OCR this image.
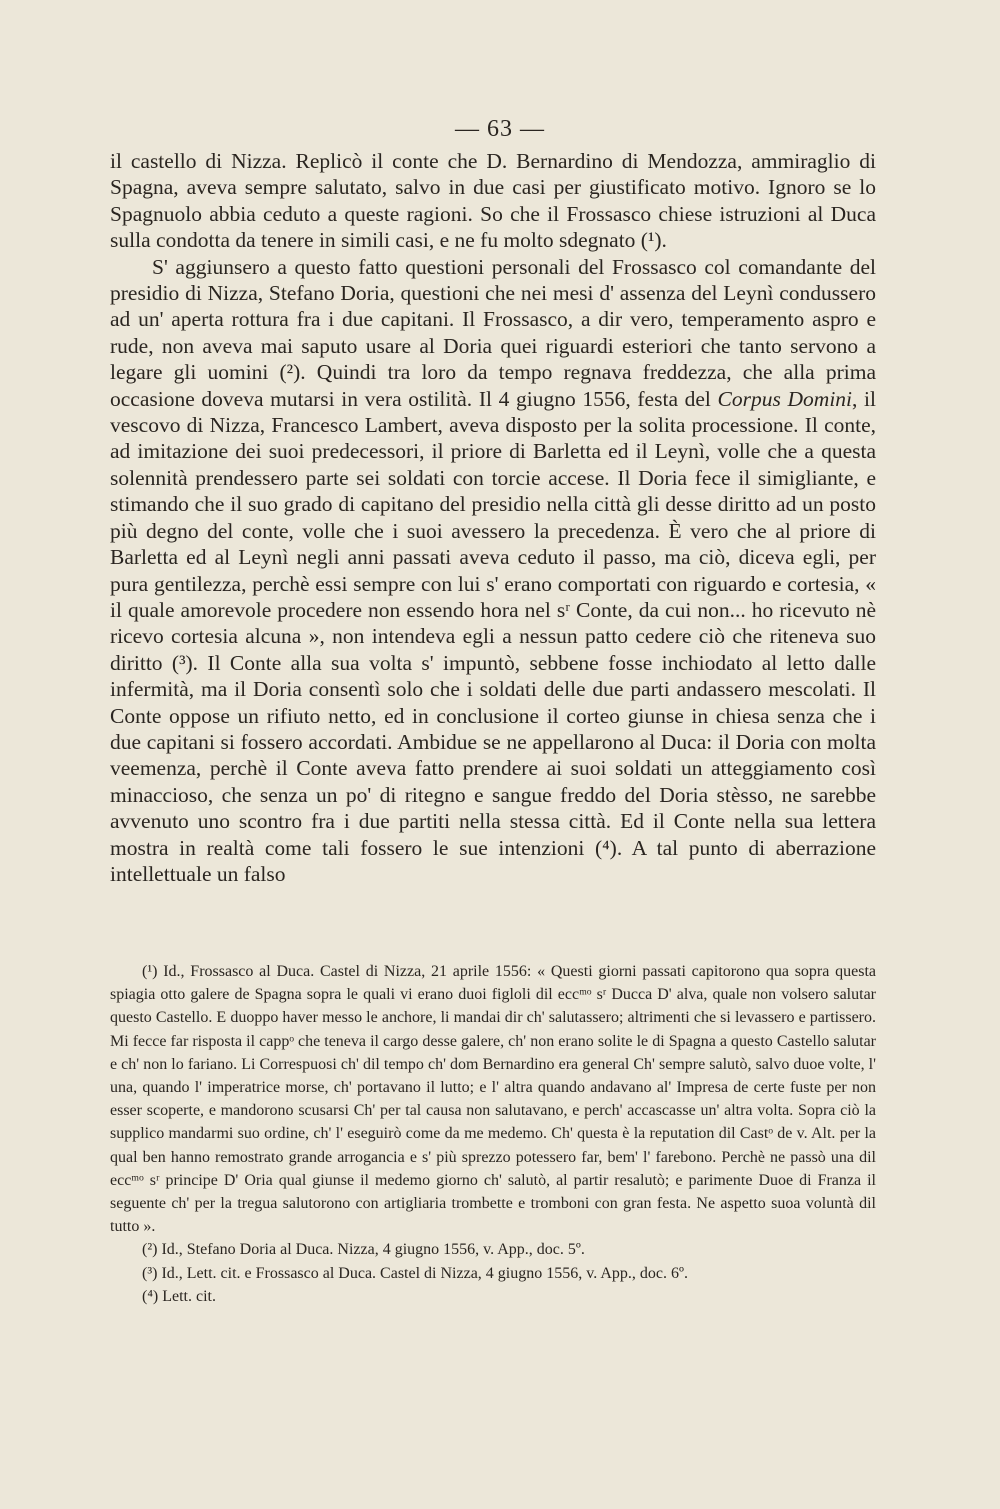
— 63 —

il castello di Nizza. Replicò il conte che D. Bernardino di Mendozza, ammiraglio di Spagna, aveva sempre salutato, salvo in due casi per giustificato motivo. Ignoro se lo Spagnuolo abbia ceduto a queste ragioni. So che il Frossasco chiese istruzioni al Duca sulla condotta da tenere in simili casi, e ne fu molto sdegnato (¹).

S' aggiunsero a questo fatto questioni personali del Frossasco col comandante del presidio di Nizza, Stefano Doria, questioni che nei mesi d' assenza del Leynì condussero ad un' aperta rottura fra i due capitani. Il Frossasco, a dir vero, temperamento aspro e rude, non aveva mai saputo usare al Doria quei riguardi esteriori che tanto servono a legare gli uomini (²). Quindi tra loro da tempo regnava freddezza, che alla prima occasione doveva mutarsi in vera ostilità. Il 4 giugno 1556, festa del Corpus Domini, il vescovo di Nizza, Francesco Lambert, aveva disposto per la solita processione. Il conte, ad imitazione dei suoi predecessori, il priore di Barletta ed il Leynì, volle che a questa solennità prendessero parte sei soldati con torcie accese. Il Doria fece il simigliante, e stimando che il suo grado di capitano del presidio nella città gli desse diritto ad un posto più degno del conte, volle che i suoi avessero la precedenza. È vero che al priore di Barletta ed al Leynì negli anni passati aveva ceduto il passo, ma ciò, diceva egli, per pura gentilezza, perchè essi sempre con lui s' erano comportati con riguardo e cortesia, « il quale amorevole procedere non essendo hora nel sʳ Conte, da cui non... ho ricevuto nè ricevo cortesia alcuna », non intendeva egli a nessun patto cedere ciò che riteneva suo diritto (³). Il Conte alla sua volta s' impuntò, sebbene fosse inchiodato al letto dalle infermità, ma il Doria consentì solo che i soldati delle due parti andassero mescolati. Il Conte oppose un rifiuto netto, ed in conclusione il corteo giunse in chiesa senza che i due capitani si fossero accordati. Ambidue se ne appellarono al Duca: il Doria con molta veemenza, perchè il Conte aveva fatto prendere ai suoi soldati un atteggiamento così minaccioso, che senza un po' di ritegno e sangue freddo del Doria stèsso, ne sarebbe avvenuto uno scontro fra i due partiti nella stessa città. Ed il Conte nella sua lettera mostra in realtà come tali fossero le sue intenzioni (⁴). A tal punto di aberrazione intellettuale un falso

(¹) Id., Frossasco al Duca. Castel di Nizza, 21 aprile 1556: « Questi giorni passati capitorono qua sopra questa spiagia otto galere de Spagna sopra le quali vi erano duoi figloli dil eccᵐᵒ sʳ Ducca D' alva, quale non volsero salutar questo Castello. E duoppo haver messo le anchore, li mandai dir ch' salutassero; altrimenti che si levassero e partissero. Mi fecce far risposta il cappᵒ che teneva il cargo desse galere, ch' non erano solite le di Spagna a questo Castello salutar e ch' non lo fariano. Li Correspuosi ch' dil tempo ch' dom Bernardino era general Ch' sempre salutò, salvo duoe volte, l' una, quando l' imperatrice morse, ch' portavano il lutto; e l' altra quando andavano al' Impresa de certe fuste per non esser scoperte, e mandorono scusarsi Ch' per tal causa non salutavano, e perch' accascasse un' altra volta. Sopra ciò la supplico mandarmi suo ordine, ch' l' eseguirò come da me medemo. Ch' questa è la reputation dil Castᵒ de v. Alt. per la qual ben hanno remostrato grande arrogancia e s' più sprezzo potessero far, bem' l' farebono. Perchè ne passò una dil eccᵐᵒ sʳ principe D' Oria qual giunse il medemo giorno ch' salutò, al partir resalutò; e parimente Duoe di Franza il seguente ch' per la tregua salutorono con artigliaria trombette e tromboni con gran festa. Ne aspetto suoa voluntà dil tutto ».

(²) Id., Stefano Doria al Duca. Nizza, 4 giugno 1556, v. App., doc. 5º.

(³) Id., Lett. cit. e Frossasco al Duca. Castel di Nizza, 4 giugno 1556, v. App., doc. 6º.

(⁴) Lett. cit.
